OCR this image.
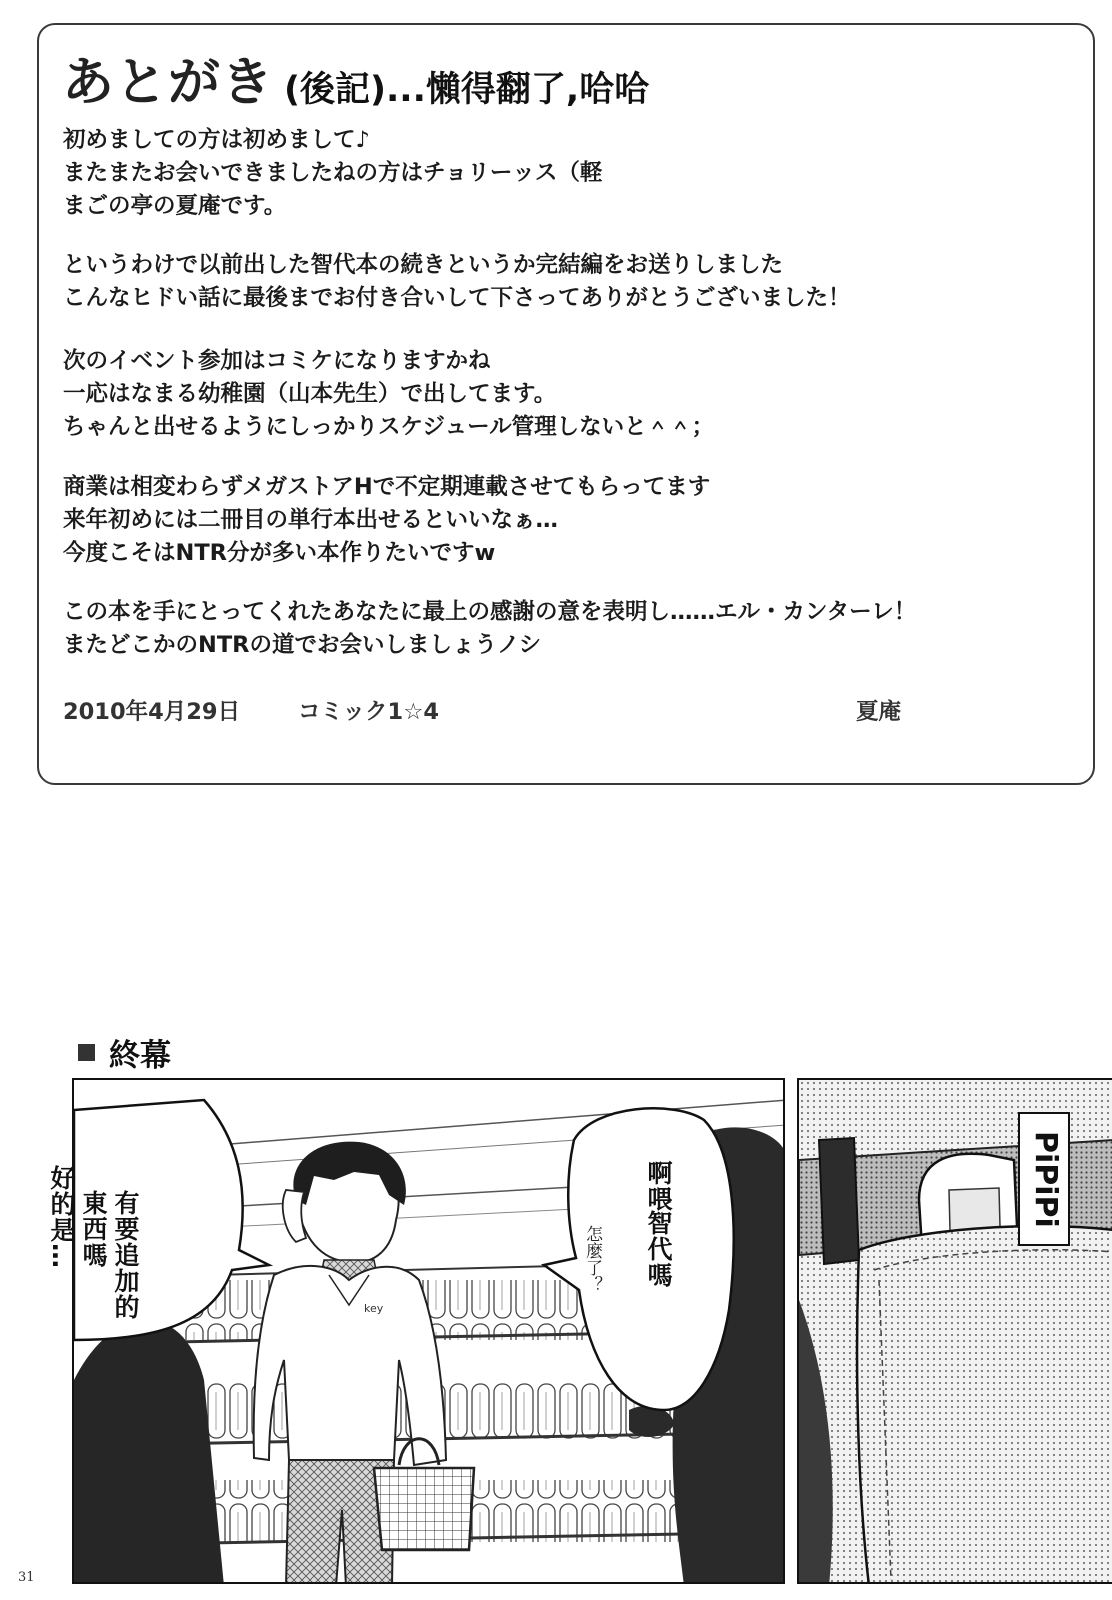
あとがき (後記)...懶得翻了,哈哈
初めましての方は初めまして♪
またまたお会いできましたねの方はチョリーッス（軽
まごの亭の夏庵です。
というわけで以前出した智代本の続きというか完結編をお送りしました
こんなヒドい話に最後までお付き合いして下さってありがとうございました！
次のイベント参加はコミケになりますかね
一応はなまる幼稚園（山本先生）で出してます。
ちゃんと出せるようにしっかりスケジュール管理しないと＾＾；
商業は相変わらずメガストアHで不定期連載させてもらってます
来年初めには二冊目の単行本出せるといいなぁ…
今度こそはNTR分が多い本作りたいですw
この本を手にとってくれたあなたに最上の感謝の意を表明し……エル・カンターレ！
またどこかのNTRの道でお会いしましょうノシ
2010年4月29日	コミック1☆4	夏庵
終幕
key
有要追加的
東西嗎
好的是…	啊喂
智代嗎
怎麼了？
PiPiPi
31
